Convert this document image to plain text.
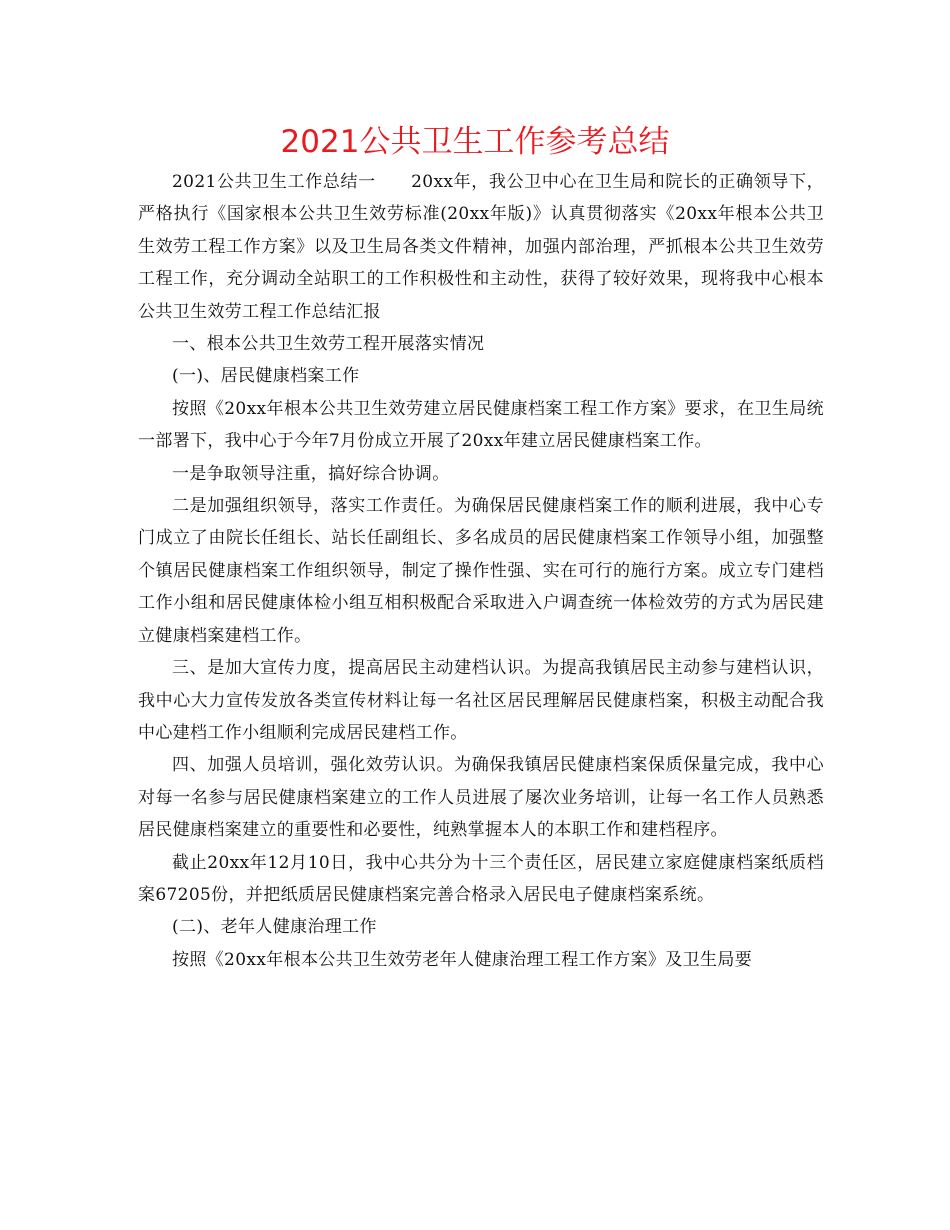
2021公共卫生工作参考总结

2021公共卫生工作总结一　　20xx年，我公卫中心在卫生局和院长的正确领导下，严格执行《国家根本公共卫生效劳标准(20xx年版)》认真贯彻落实《20xx年根本公共卫生效劳工程工作方案》以及卫生局各类文件精神，加强内部治理，严抓根本公共卫生效劳工程工作，充分调动全站职工的工作积极性和主动性，获得了较好效果，现将我中心根本公共卫生效劳工程工作总结汇报

一、根本公共卫生效劳工程开展落实情况

(一)、居民健康档案工作

按照《20xx年根本公共卫生效劳建立居民健康档案工程工作方案》要求，在卫生局统一部署下，我中心于今年7月份成立开展了20xx年建立居民健康档案工作。

一是争取领导注重，搞好综合协调。

二是加强组织领导，落实工作责任。为确保居民健康档案工作的顺利进展，我中心专门成立了由院长任组长、站长任副组长、多名成员的居民健康档案工作领导小组，加强整个镇居民健康档案工作组织领导，制定了操作性强、实在可行的施行方案。成立专门建档工作小组和居民健康体检小组互相积极配合采取进入户调查统一体检效劳的方式为居民建立健康档案建档工作。

三、是加大宣传力度，提高居民主动建档认识。为提高我镇居民主动参与建档认识，我中心大力宣传发放各类宣传材料让每一名社区居民理解居民健康档案，积极主动配合我中心建档工作小组顺利完成居民建档工作。

四、加强人员培训，强化效劳认识。为确保我镇居民健康档案保质保量完成，我中心对每一名参与居民健康档案建立的工作人员进展了屡次业务培训，让每一名工作人员熟悉居民健康档案建立的重要性和必要性，纯熟掌握本人的本职工作和建档程序。

截止20xx年12月10日，我中心共分为十三个责任区，居民建立家庭健康档案纸质档案67205份，并把纸质居民健康档案完善合格录入居民电子健康档案系统。

(二)、老年人健康治理工作

按照《20xx年根本公共卫生效劳老年人健康治理工程工作方案》及卫生局要
